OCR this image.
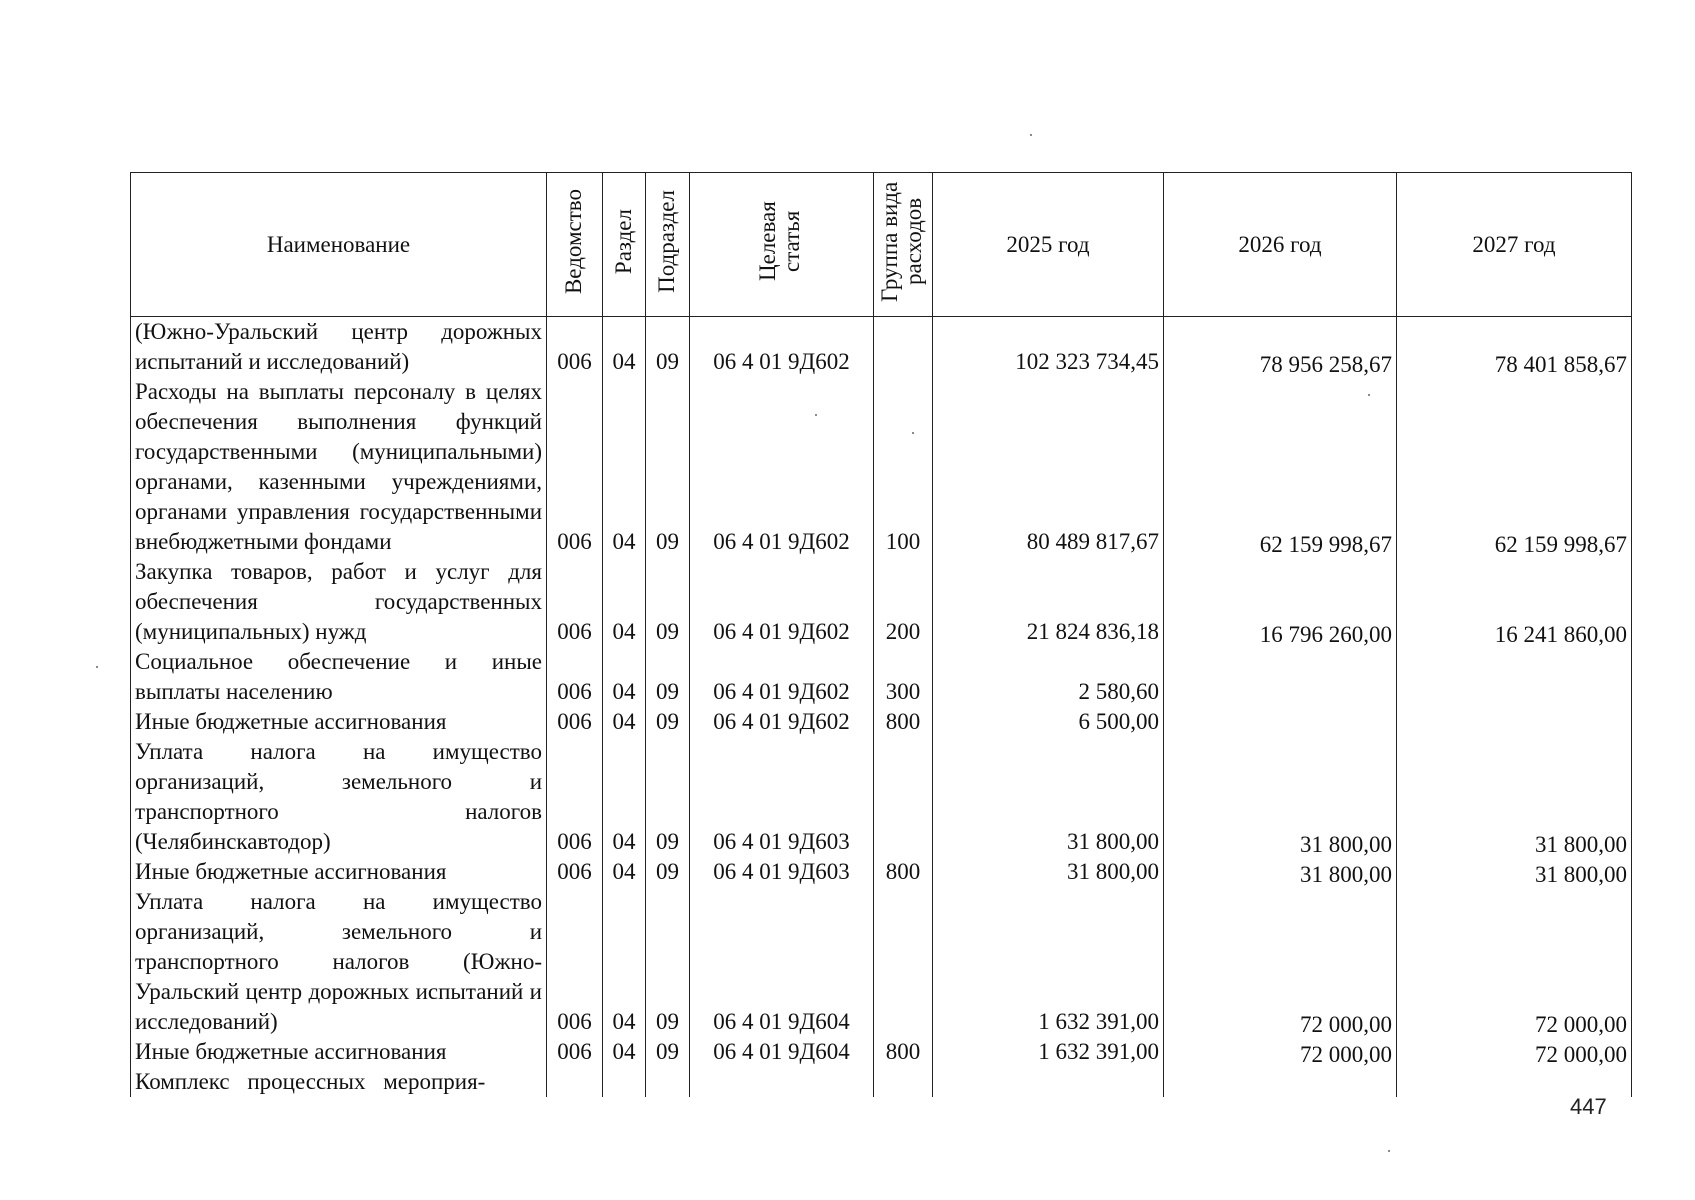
Наименование	Ведомство	Раздел	Подраздел	Целевая статья	Группа вида расходов	2025 год	2026 год	2027 год
(Южно-Уральский центр дорожных испытаний и исследований)	006	04	09	06 4 01 9Д602		102 323 734,45	78 956 258,67	78 401 858,67
Расходы на выплаты персоналу в целях обеспечения выполнения функций государственными (муниципальными) органами, казенными учреждениями, органами управления государственными внебюджетными фондами	006	04	09	06 4 01 9Д602	100	80 489 817,67	62 159 998,67	62 159 998,67
Закупка товаров, работ и услуг для обеспечения государственных (муниципальных) нужд	006	04	09	06 4 01 9Д602	200	21 824 836,18	16 796 260,00	16 241 860,00
Социальное обеспечение и иные выплаты населению	006	04	09	06 4 01 9Д602	300	2 580,60		
Иные бюджетные ассигнования	006	04	09	06 4 01 9Д602	800	6 500,00		
Уплата налога на имущество организаций, земельного и транспортного налогов (Челябинскавтодор)	006	04	09	06 4 01 9Д603		31 800,00	31 800,00	31 800,00
Иные бюджетные ассигнования	006	04	09	06 4 01 9Д603	800	31 800,00	31 800,00	31 800,00
Уплата налога на имущество организаций, земельного и транспортного налогов (Южно-Уральский центр дорожных испытаний и исследований)	006	04	09	06 4 01 9Д604		1 632 391,00	72 000,00	72 000,00
Иные бюджетные ассигнования	006	04	09	06 4 01 9Д604	800	1 632 391,00	72 000,00	72 000,00
Комплекс процессных мероприя-								
447
